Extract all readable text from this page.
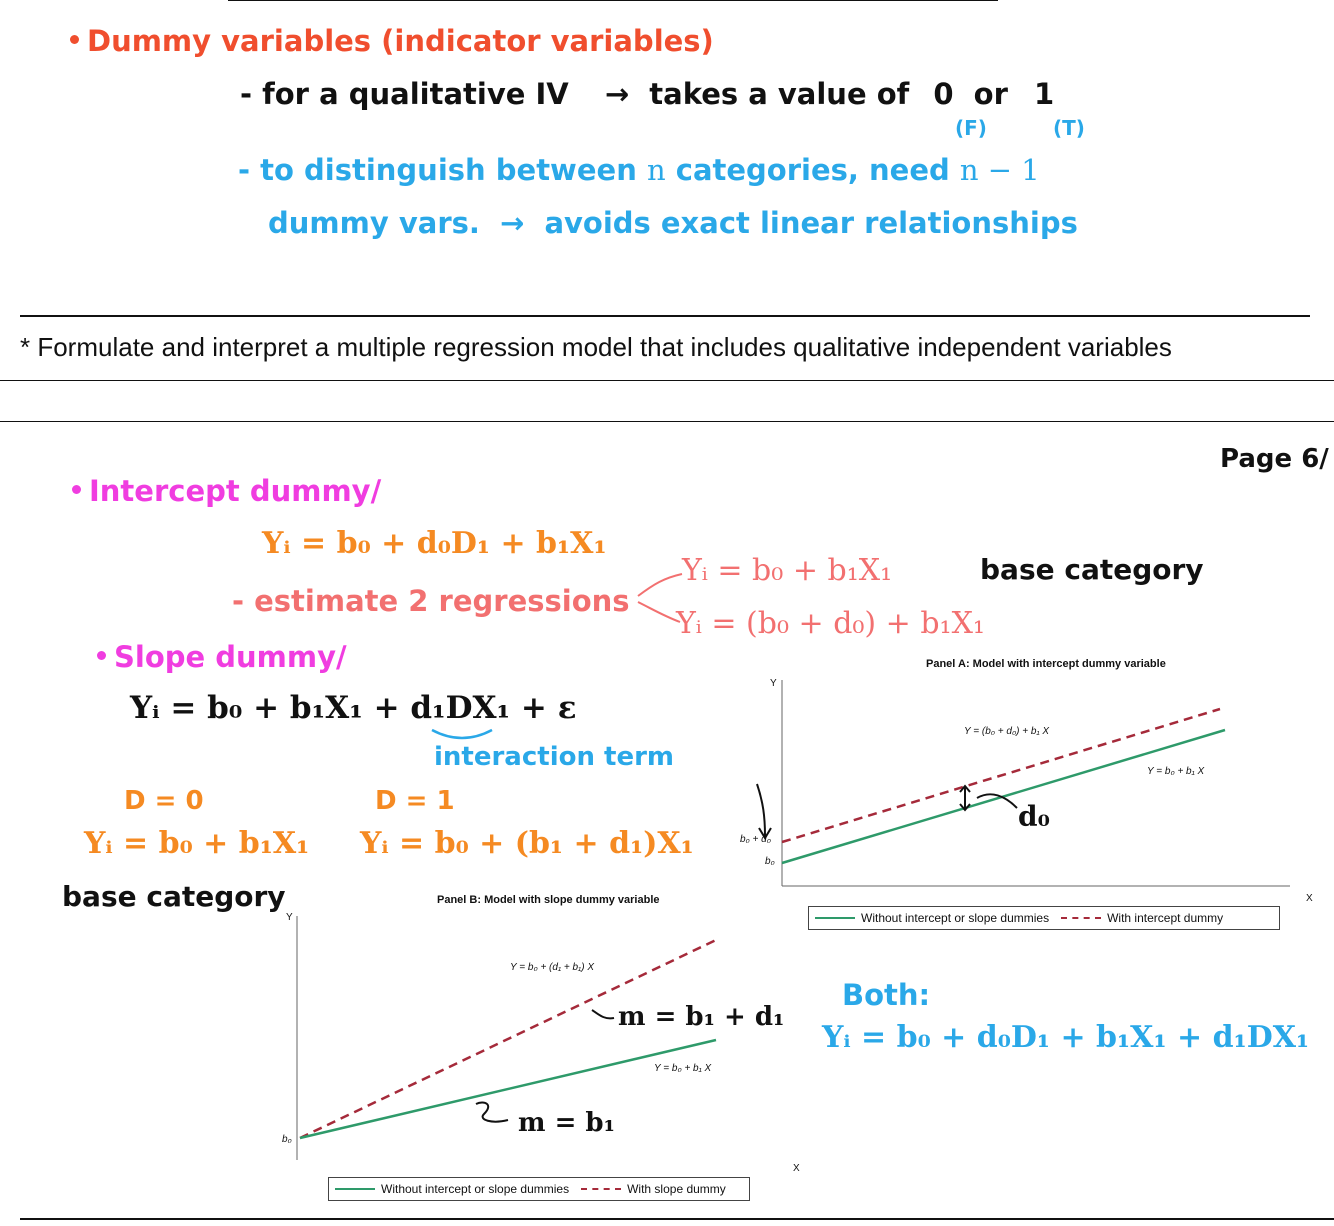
Dummy variables (indicator variables)
- for a qualitative IV → takes a value of 0 or 1
(F)	(T)
- to distinguish between n categories, need n − 1
dummy vars. → avoids exact linear relationships
* Formulate and interpret a multiple regression model that includes qualitative independent variables
Page 6/
Intercept dummy/
Yᵢ = b₀ + d₀D₁ + b₁X₁
- estimate 2 regressions
Yᵢ = b₀ + b₁X₁
Yᵢ = (b₀ + d₀) + b₁X₁
base category
Slope dummy/
Yᵢ = b₀ + b₁X₁ + d₁DX₁ + ε
interaction term
D = 0	D = 1
Yᵢ = b₀ + b₁X₁ Yᵢ = b₀ + (b₁ + d₁)X₁
base category
Panel A: Model with intercept dummy variable
Y
X
Y = (b₀ + d₀) + b₁ X
Y = b₀ + b₁ X
b₀ + d₀
b₀
d₀
Without intercept or slope dummies	With intercept dummy
Panel B: Model with slope dummy variable
Y
X
Y = b₀ + (d₁ + b₁) X
Y = b₀ + b₁ X
b₀
m = b₁ + d₁
m = b₁
Without intercept or slope dummies	With slope dummy
Both:
Yᵢ = b₀ + d₀D₁ + b₁X₁ + d₁DX₁
